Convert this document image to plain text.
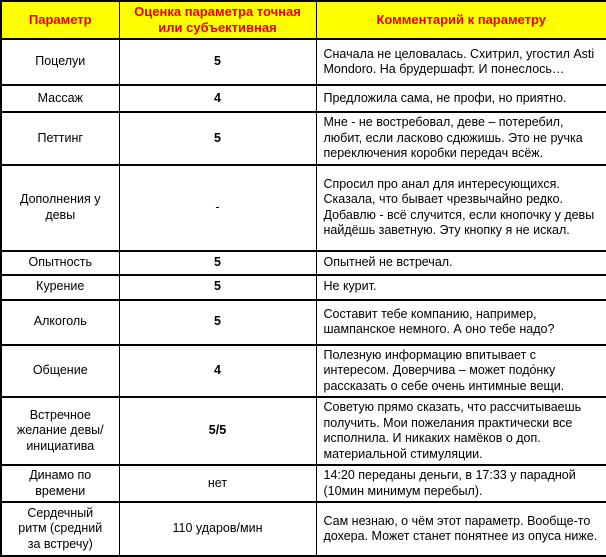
Параметр	Оценка параметра точная или субъективная	Комментарий к параметру
Поцелуи	5	Сначала не целовалась. Схитрил, угостил Asti Mondoro. На брудершафт. И понеслось…
Массаж	4	Предложила сама, не профи, но приятно.
Петтинг	5	Мне - не востребовал, деве – потеребил, любит, если ласково сдюжишь. Это не ручка переключения коробки передач всёж.
Дополнения у девы	-	Спросил про анал для интересующихся. Сказала, что бывает чрезвычайно редко. Добавлю - всё случится, если кнопочку у девы найдёшь заветную. Эту кнопку я не искал.
Опытность	5	Опытней не встречал.
Курение	5	Не курит.
Алкоголь	5	Составит тебе компанию, например, шампанское немного. А оно тебе надо?
Общение	4	Полезную информацию впитывает с интересом. Доверчива – может подо́нку рассказать о себе очень интимные вещи.
Встречное желание девы/ инициатива	5/5	Советую прямо сказать, что рассчитываешь получить. Мои пожелания практически все исполнила. И никаких намёков о доп. материальной стимуляции.
Динамо по времени	нет	14:20 переданы деньги, в 17:33 у парадной (10мин минимум перебыл).
Сердечный ритм (средний за встречу)	110 ударов/мин	Сам незнаю, о чём этот параметр. Вообще-то дохера. Может станет понятнее из опуса ниже.
